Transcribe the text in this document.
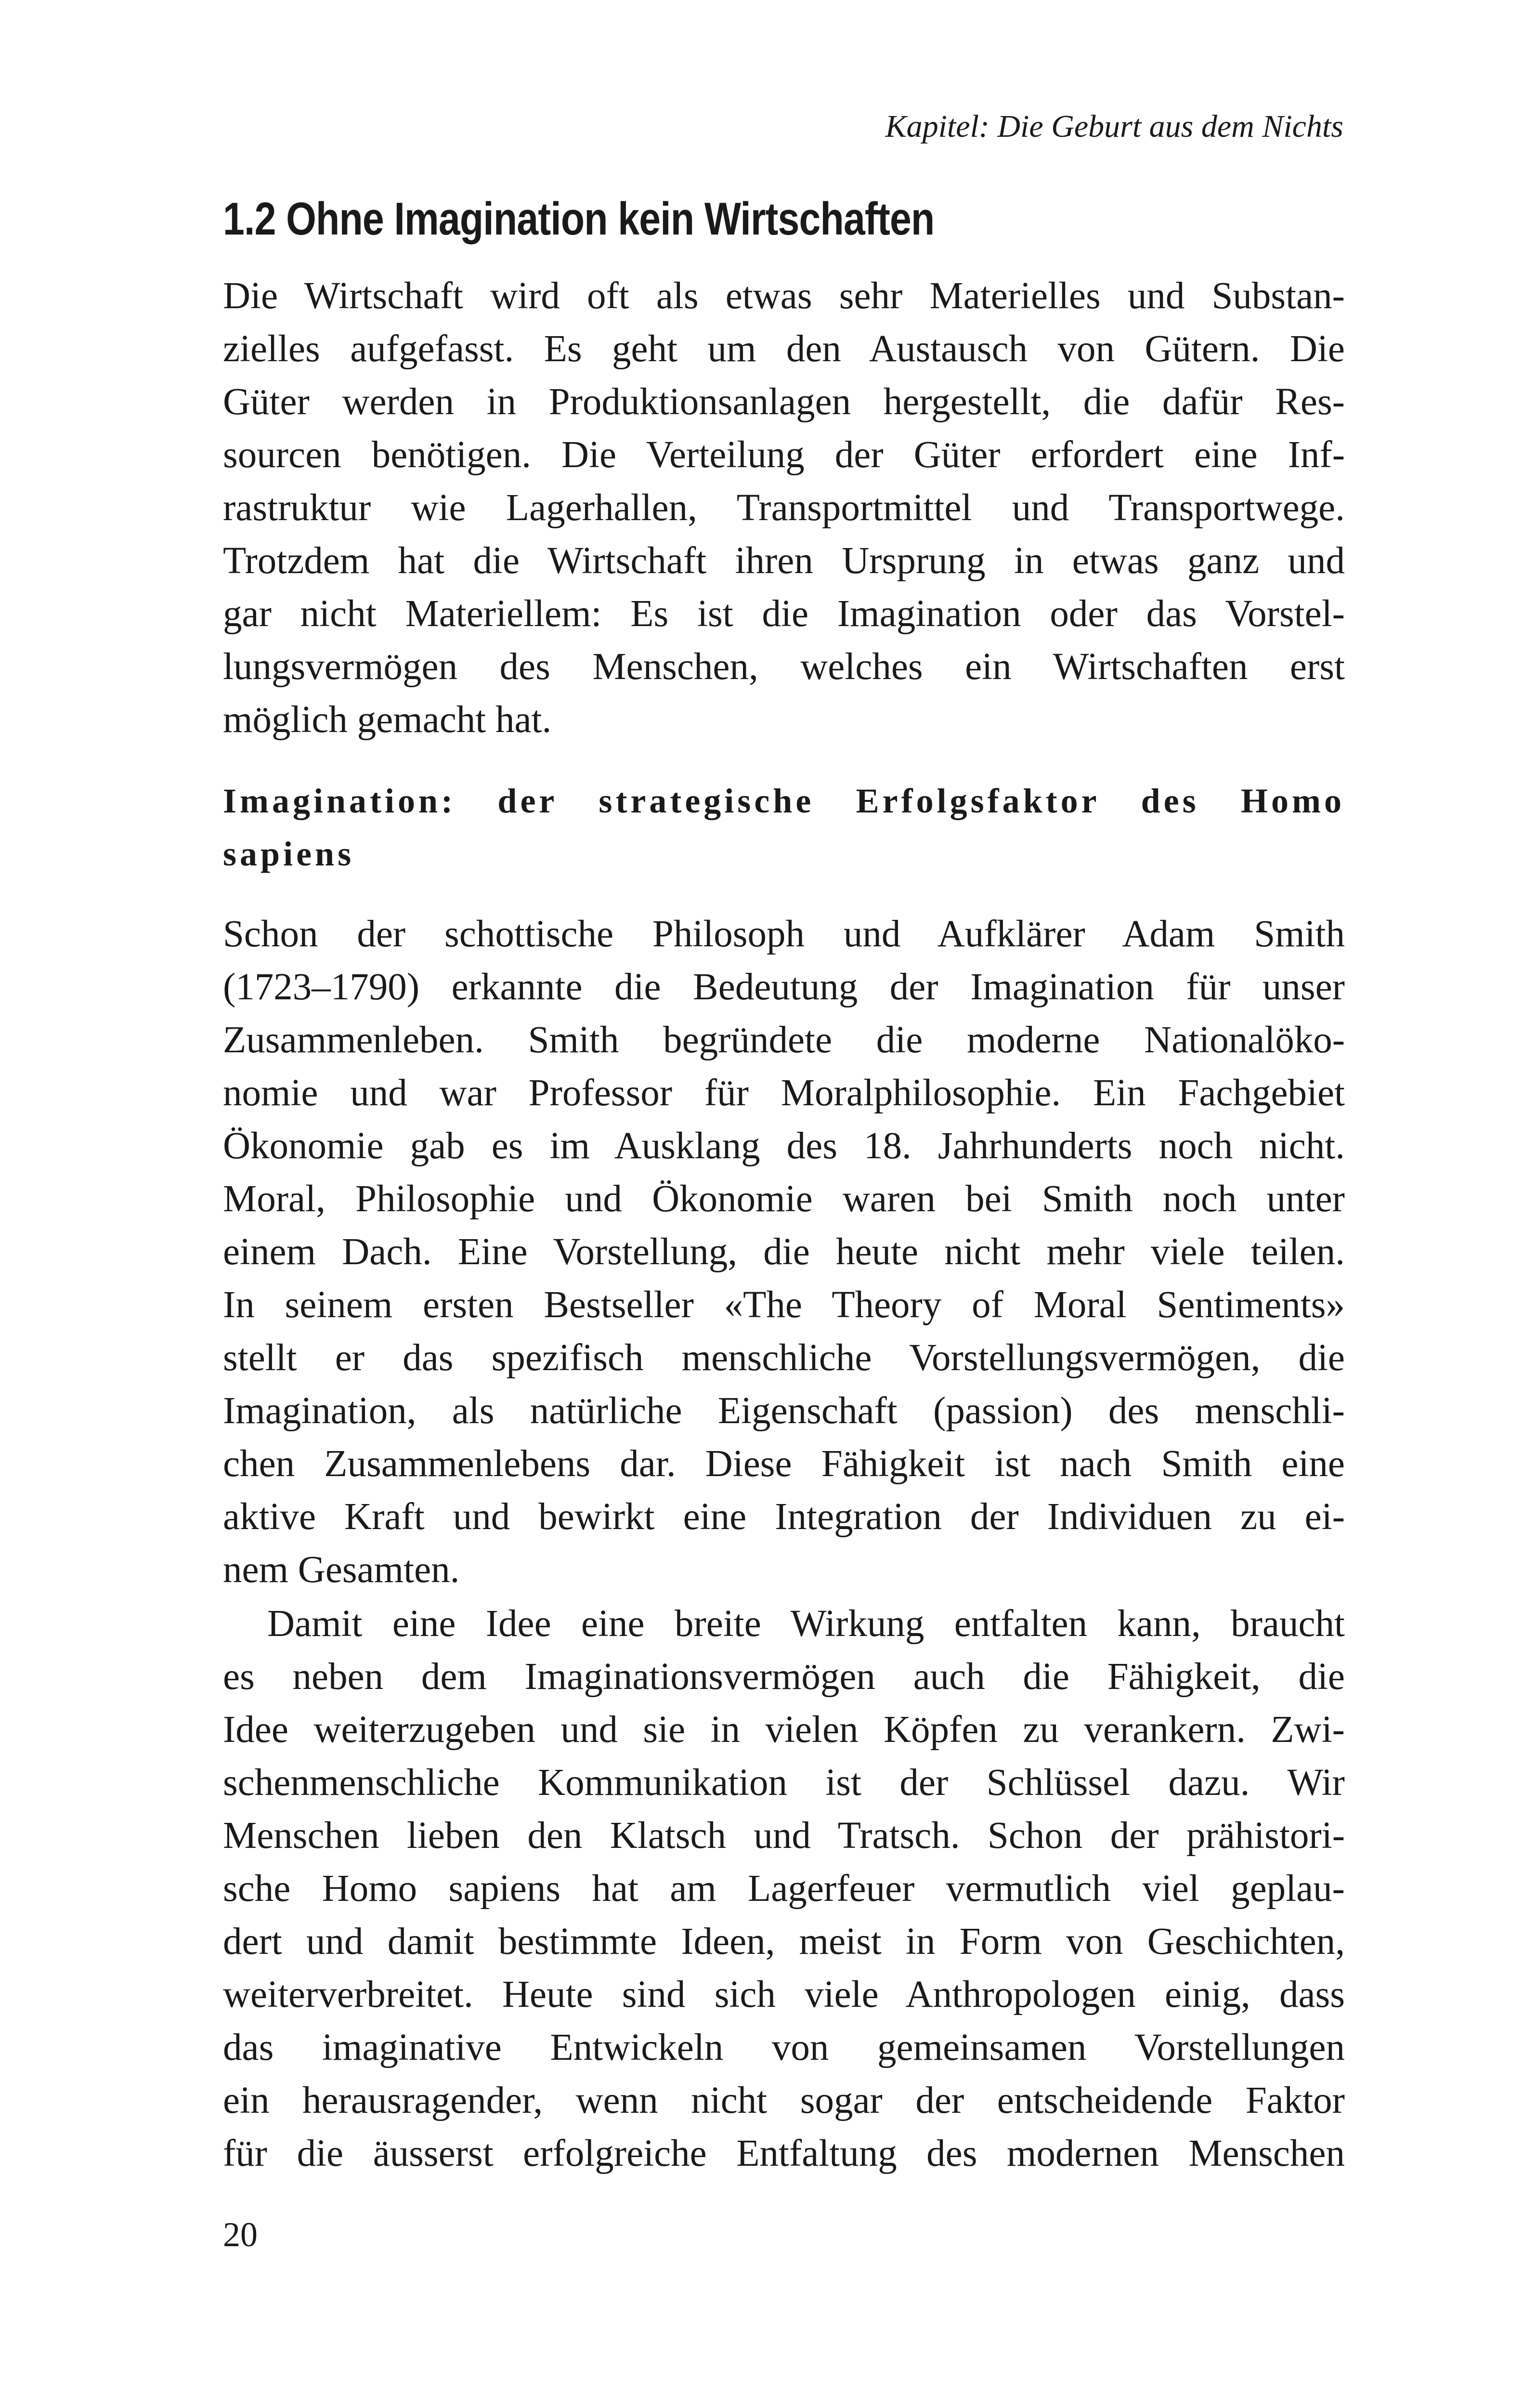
Kapitel: Die Geburt aus dem Nichts
1.2 Ohne Imagination kein Wirtschaften
Die Wirtschaft wird oft als etwas sehr Materielles und Substan-
zielles aufgefasst. Es geht um den Austausch von Gütern. Die
Güter werden in Produktionsanlagen hergestellt, die dafür Res-
sourcen benötigen. Die Verteilung der Güter erfordert eine Inf-
rastruktur wie Lagerhallen, Transportmittel und Transportwege.
Trotzdem hat die Wirtschaft ihren Ursprung in etwas ganz und
gar nicht Materiellem: Es ist die Imagination oder das Vorstel-
lungsvermögen des Menschen, welches ein Wirtschaften erst
möglich gemacht hat.
Imagination: der strategische Erfolgsfaktor des Homo
sapiens
Schon der schottische Philosoph und Aufklärer Adam Smith
(1723–1790) erkannte die Bedeutung der Imagination für unser
Zusammenleben. Smith begründete die moderne Nationalöko-
nomie und war Professor für Moralphilosophie. Ein Fachgebiet
Ökonomie gab es im Ausklang des 18. Jahrhunderts noch nicht.
Moral, Philosophie und Ökonomie waren bei Smith noch unter
einem Dach. Eine Vorstellung, die heute nicht mehr viele teilen.
In seinem ersten Bestseller «The Theory of Moral Sentiments»
stellt er das spezifisch menschliche Vorstellungsvermögen, die
Imagination, als natürliche Eigenschaft (passion) des menschli-
chen Zusammenlebens dar. Diese Fähigkeit ist nach Smith eine
aktive Kraft und bewirkt eine Integration der Individuen zu ei-
nem Gesamten.
Damit eine Idee eine breite Wirkung entfalten kann, braucht
es neben dem Imaginationsvermögen auch die Fähigkeit, die
Idee weiterzugeben und sie in vielen Köpfen zu verankern. Zwi-
schenmenschliche Kommunikation ist der Schlüssel dazu. Wir
Menschen lieben den Klatsch und Tratsch. Schon der prähistori-
sche Homo sapiens hat am Lagerfeuer vermutlich viel geplau-
dert und damit bestimmte Ideen, meist in Form von Geschichten,
weiterverbreitet. Heute sind sich viele Anthropologen einig, dass
das imaginative Entwickeln von gemeinsamen Vorstellungen
ein herausragender, wenn nicht sogar der entscheidende Faktor
für die äusserst erfolgreiche Entfaltung des modernen Menschen
20
